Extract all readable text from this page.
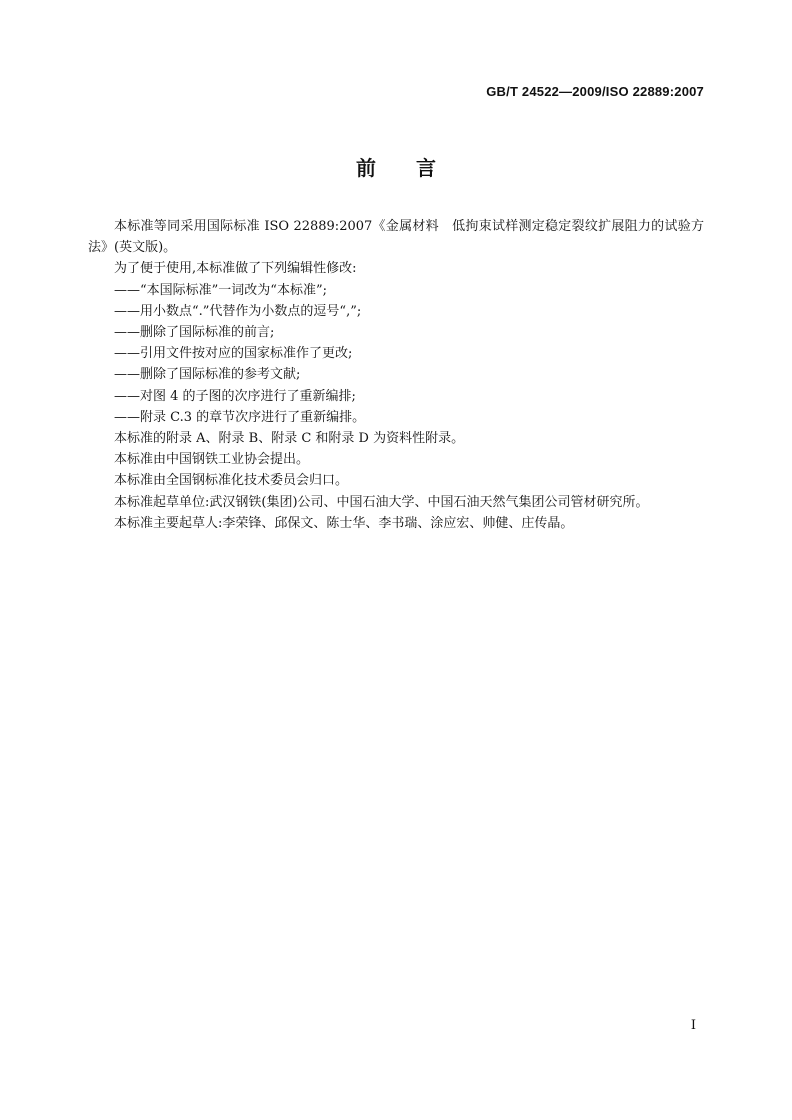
GB/T 24522—2009/ISO 22889:2007
前言

本标准等同采用国际标准 ISO 22889:2007《金属材料　低拘束试样测定稳定裂纹扩展阻力的试验方法》(英文版)。

为了便于使用,本标准做了下列编辑性修改:

——“本国际标准”一词改为“本标准”;

——用小数点“.”代替作为小数点的逗号“,”;

——删除了国际标准的前言;

——引用文件按对应的国家标准作了更改;

——删除了国际标准的参考文献;

——对图 4 的子图的次序进行了重新编排;

——附录 C.3 的章节次序进行了重新编排。

本标准的附录 A、附录 B、附录 C 和附录 D 为资料性附录。

本标准由中国钢铁工业协会提出。

本标准由全国钢标准化技术委员会归口。

本标准起草单位:武汉钢铁(集团)公司、中国石油大学、中国石油天然气集团公司管材研究所。

本标准主要起草人:李荣锋、邱保文、陈士华、李书瑞、涂应宏、帅健、庄传晶。

I
